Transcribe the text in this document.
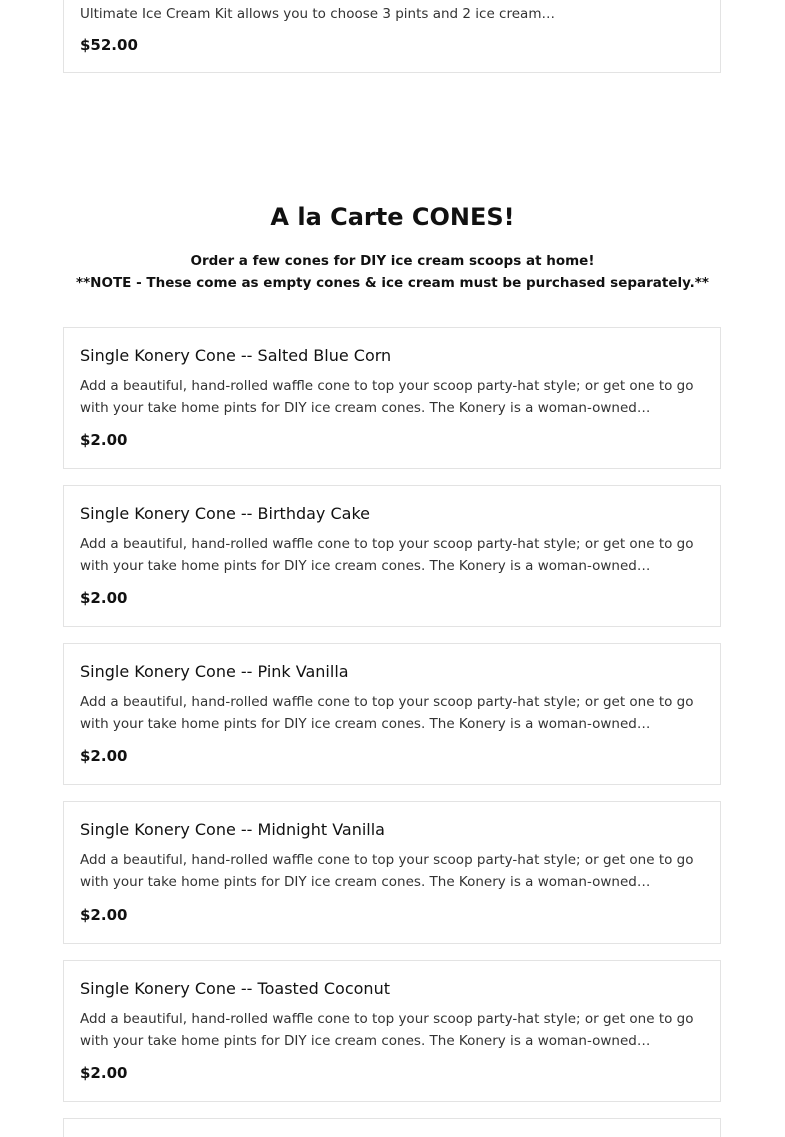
Ultimate Ice Cream Kit allows you to choose 3 pints and 2 ice cream…

$52.00

A la Carte CONES!

Order a few cones for DIY ice cream scoops at home!

**NOTE - These come as empty cones & ice cream must be purchased separately.**

Single Konery Cone -- Salted Blue Corn

Add a beautiful, hand-rolled waffle cone to top your scoop party-hat style; or get one to go with your take home pints for DIY ice cream cones. The Konery is a woman-owned

$2.00

Single Konery Cone -- Birthday Cake

Add a beautiful, hand-rolled waffle cone to top your scoop party-hat style; or get one to go with your take home pints for DIY ice cream cones. The Konery is a woman-owned

$2.00

Single Konery Cone -- Pink Vanilla

Add a beautiful, hand-rolled waffle cone to top your scoop party-hat style; or get one to go with your take home pints for DIY ice cream cones. The Konery is a woman-owned

$2.00

Single Konery Cone -- Midnight Vanilla

Add a beautiful, hand-rolled waffle cone to top your scoop party-hat style; or get one to go with your take home pints for DIY ice cream cones. The Konery is a woman-owned

$2.00

Single Konery Cone -- Toasted Coconut

Add a beautiful, hand-rolled waffle cone to top your scoop party-hat style; or get one to go with your take home pints for DIY ice cream cones. The Konery is a woman-owned

$2.00
